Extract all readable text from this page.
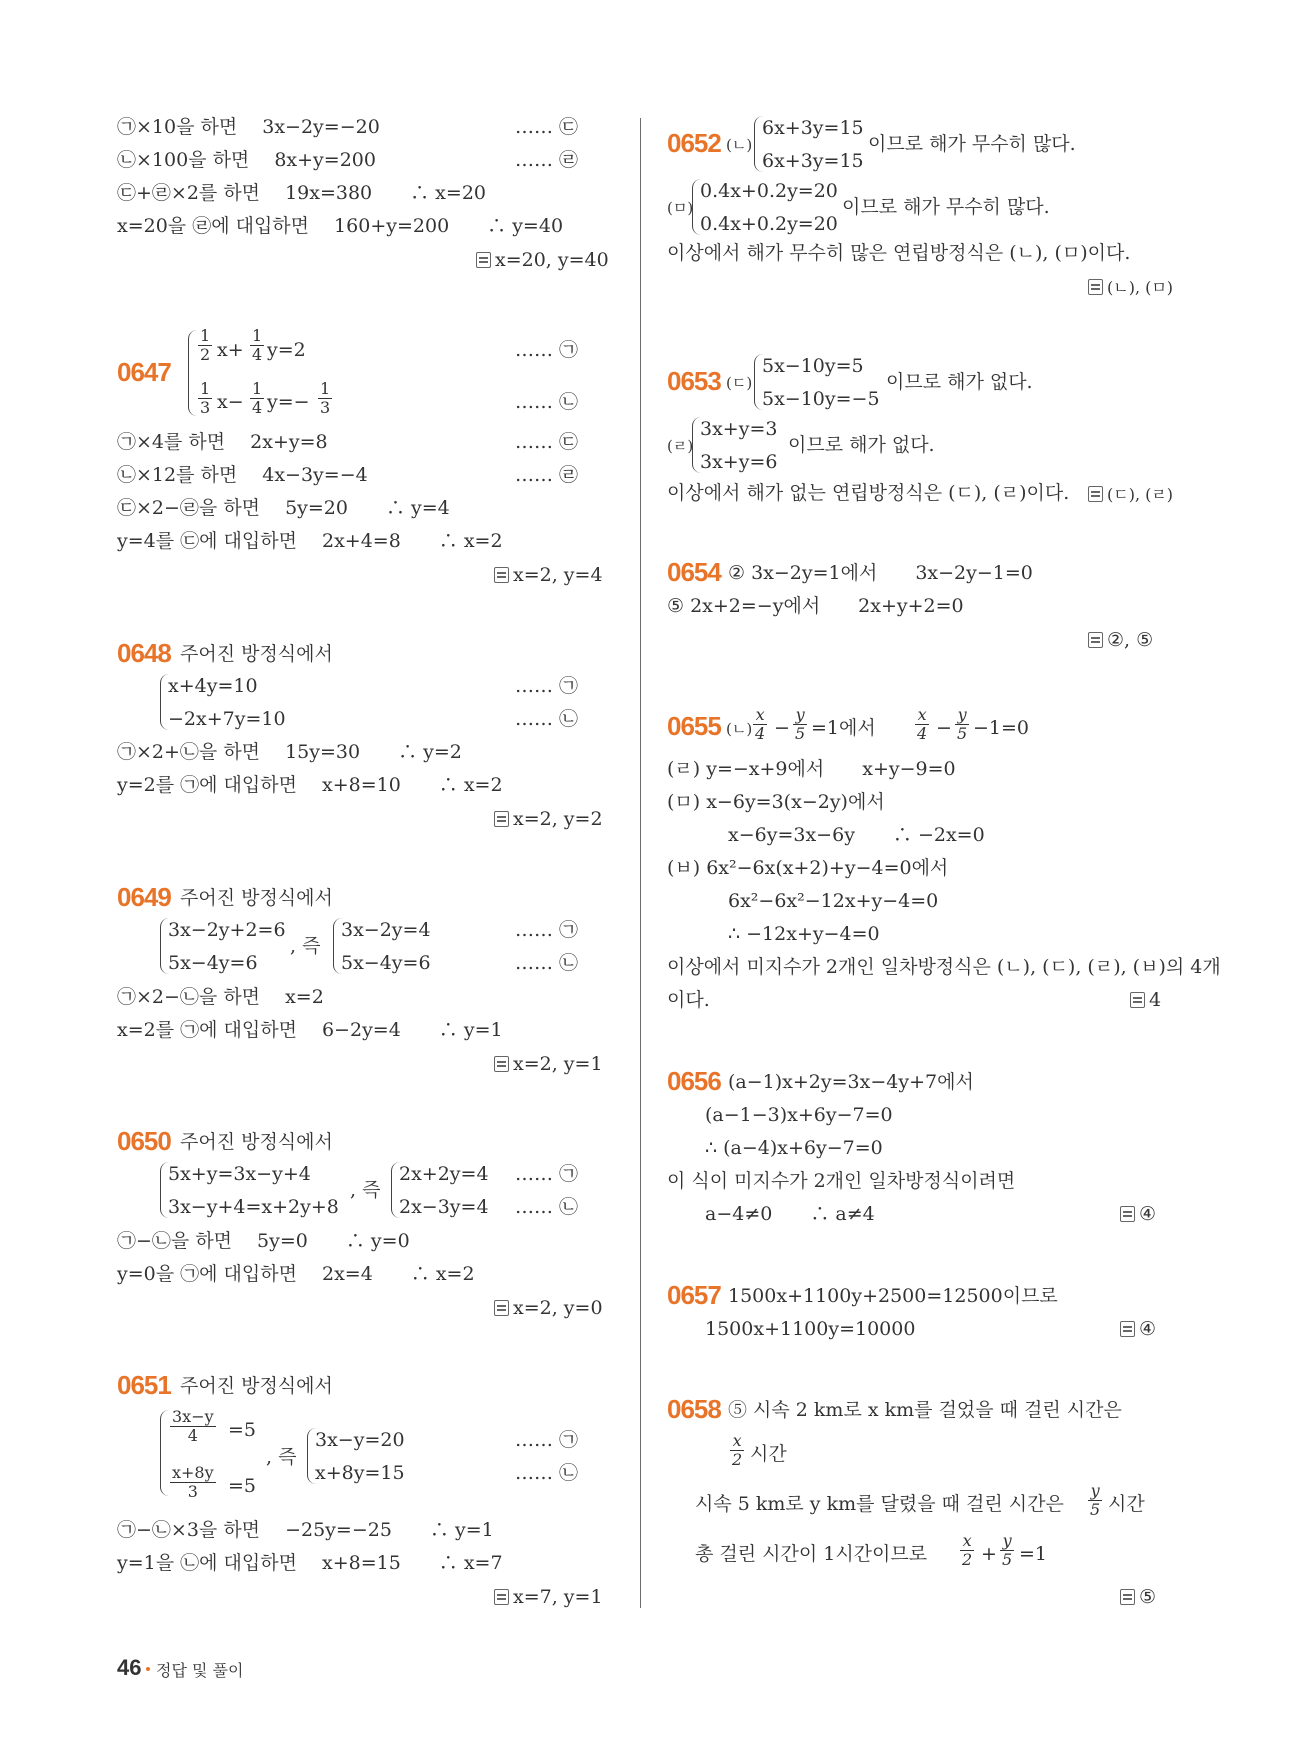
㉠×10을 하면　 3x−2y=−20	…… ㉢
㉡×100을 하면　 8x+y=200	…… ㉣
㉢+㉣×2를 하면　 19x=380　　∴ x=20
x=20을 ㉣에 대입하면　 160+y=200　　∴ y=40
x=20, y=40
0647
$\frac{1}{2} x+ \frac{1}{4} y=2$	…… ㉠
$\frac{1}{3} x- \frac{1}{4} y=- \frac{1}{3}$	…… ㉡
㉠×4를 하면　 2x+y=8	…… ㉢
㉡×12를 하면　 4x−3y=−4	…… ㉣
㉢×2−㉣을 하면　 5y=20　　∴ y=4
y=4를 ㉢에 대입하면　 2x+4=8　　∴ x=2
x=2, y=4
0648 주어진 방정식에서
x+4y=10	…… ㉠
−2x+7y=10	…… ㉡
㉠×2+㉡을 하면　 15y=30　　∴ y=2
y=2를 ㉠에 대입하면　 x+8=10　　∴ x=2
x=2, y=2
0649 주어진 방정식에서
3x−2y+2=6
5x−4y=6
, 즉
3x−2y=4	…… ㉠
5x−4y=6	…… ㉡
㉠×2−㉡을 하면　 x=2
x=2를 ㉠에 대입하면　 6−2y=4　　∴ y=1
x=2, y=1
0650 주어진 방정식에서
5x+y=3x−y+4
3x−y+4=x+2y+8
, 즉
2x+2y=4 …… ㉠
2x−3y=4 …… ㉡
㉠−㉡을 하면　 5y=0　　∴ y=0
y=0을 ㉠에 대입하면　 2x=4　　∴ x=2
x=2, y=0
0651 주어진 방정식에서
$\frac{3x-y}{4} =5$
$\frac{x+8y}{3} =5$
, 즉
3x−y=20	…… ㉠
x+8y=15	…… ㉡
㉠−㉡×3을 하면　 −25y=−25　　∴ y=1
y=1을 ㉡에 대입하면　 x+8=15　　∴ x=7
x=7, y=1
0652 (ㄴ)
6x+3y=15
6x+3y=15
이므로 해가 무수히 많다.
(ㅁ)
0.4x+0.2y=20
0.4x+0.2y=20
이므로 해가 무수히 많다.
이상에서 해가 무수히 많은 연립방정식은 (ㄴ), (ㅁ)이다.
(ㄴ), (ㅁ)
0653 (ㄷ)
5x−10y=5
5x−10y=−5
이므로 해가 없다.
(ㄹ)
3x+y=3
3x+y=6
이므로 해가 없다.
이상에서 해가 없는 연립방정식은 (ㄷ), (ㄹ)이다.	(ㄷ), (ㄹ)
0654 ② 3x−2y=1에서　　3x−2y−1=0
⑤ 2x+2=−y에서　　2x+y+2=0
②, ⑤
0655 (ㄴ) $\frac{x}{4} - \frac{y}{5} =1$에서 $\frac{x}{4} - \frac{y}{5} -1=0$
(ㄹ) y=−x+9에서　　x+y−9=0
(ㅁ) x−6y=3(x−2y)에서
x−6y=3x−6y　　∴ −2x=0
(ㅂ) 6x²−6x(x+2)+y−4=0에서
6x²−6x²−12x+y−4=0
∴ −12x+y−4=0
이상에서 미지수가 2개인 일차방정식은 (ㄴ), (ㄷ), (ㄹ), (ㅂ)의 4개
이다.	4
0656 (a−1)x+2y=3x−4y+7에서
(a−1−3)x+6y−7=0
∴ (a−4)x+6y−7=0
이 식이 미지수가 2개인 일차방정식이려면
a−4≠0　　∴ a≠4	④
0657 1500x+1100y+2500=12500이므로
1500x+1100y=10000	④
0658 ⑤ 시속 2 km로 x km를 걸었을 때 걸린 시간은
$\frac{x}{2}$ 시간
시속 5 km로 y km를 달렸을 때 걸린 시간은 $\frac{y}{5}$ 시간
총 걸린 시간이 1시간이므로 $\frac{x}{2} + \frac{y}{5} =1$
⑤
46 정답 및 풀이
